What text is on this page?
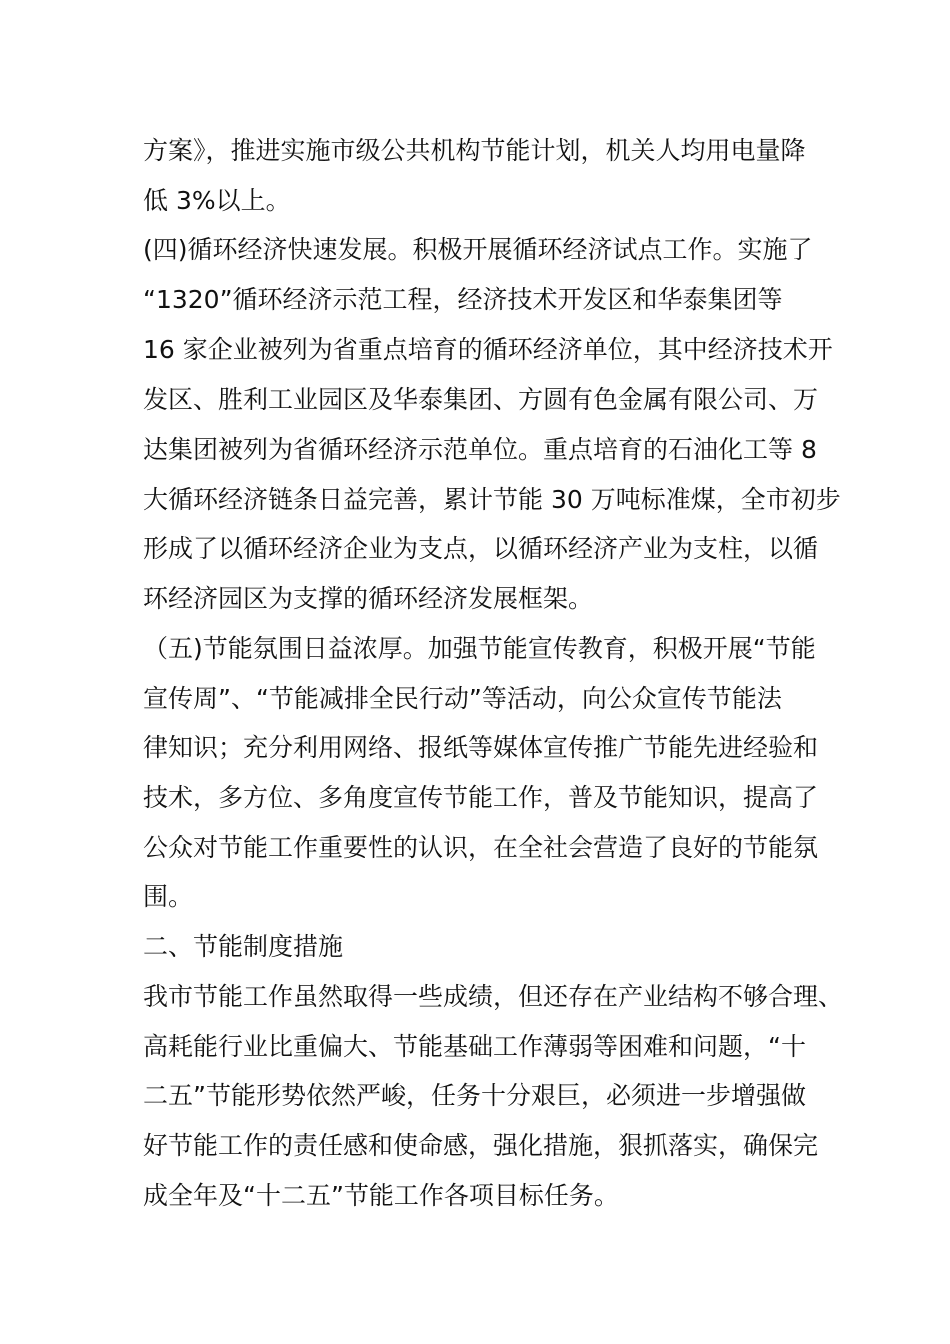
方案》，推进实施市级公共机构节能计划，机关人均用电量降
低 3%以上。
(四)循环经济快速发展。积极开展循环经济试点工作。实施了
“1320”循环经济示范工程，经济技术开发区和华泰集团等
16 家企业被列为省重点培育的循环经济单位，其中经济技术开
发区、胜利工业园区及华泰集团、方圆有色金属有限公司、万
达集团被列为省循环经济示范单位。重点培育的石油化工等 8
大循环经济链条日益完善，累计节能 30 万吨标准煤，全市初步
形成了以循环经济企业为支点，以循环经济产业为支柱，以循
环经济园区为支撑的循环经济发展框架。
（五)节能氛围日益浓厚。加强节能宣传教育，积极开展“节能
宣传周”、“节能减排全民行动”等活动，向公众宣传节能法
律知识；充分利用网络、报纸等媒体宣传推广节能先进经验和
技术，多方位、多角度宣传节能工作，普及节能知识，提高了
公众对节能工作重要性的认识，在全社会营造了良好的节能氛
围。
二、节能制度措施
我市节能工作虽然取得一些成绩，但还存在产业结构不够合理、
高耗能行业比重偏大、节能基础工作薄弱等困难和问题，“十
二五”节能形势依然严峻，任务十分艰巨，必须进一步增强做
好节能工作的责任感和使命感，强化措施，狠抓落实，确保完
成全年及“十二五”节能工作各项目标任务。
